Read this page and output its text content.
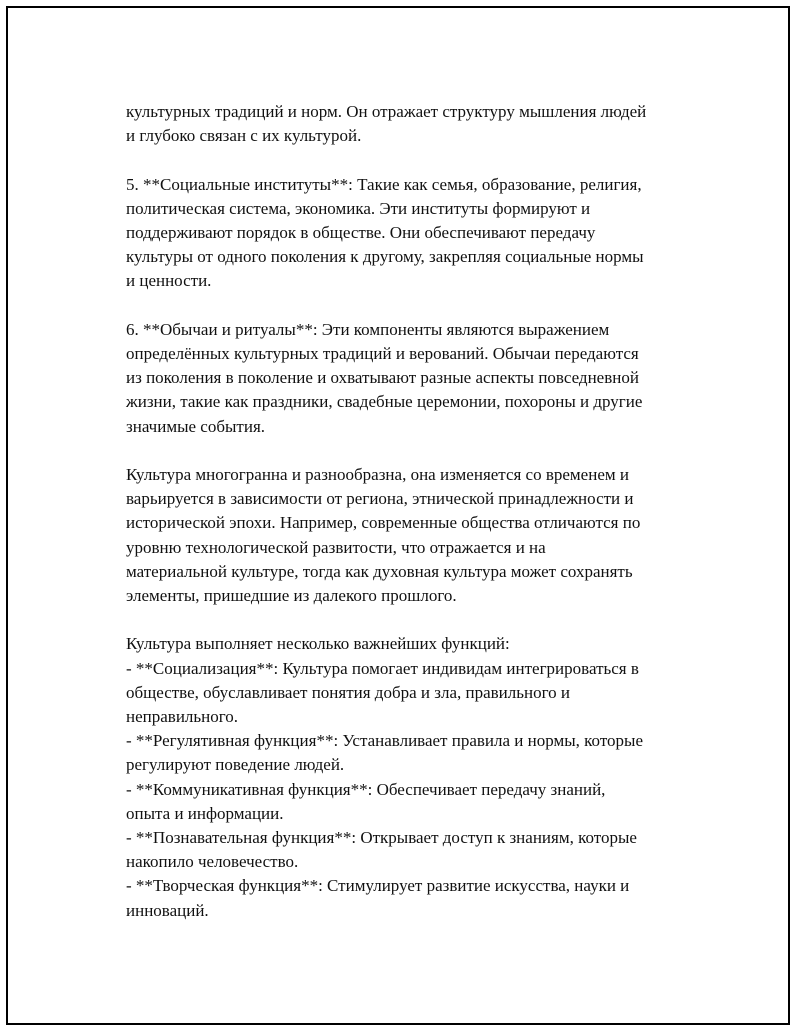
культурных традиций и норм. Он отражает структуру мышления людей
и глубоко связан с их культурой.

5. **Социальные институты**: Такие как семья, образование, религия,
политическая система, экономика. Эти институты формируют и
поддерживают порядок в обществе. Они обеспечивают передачу
культуры от одного поколения к другому, закрепляя социальные нормы
и ценности.

6. **Обычаи и ритуалы**: Эти компоненты являются выражением
определённых культурных традиций и верований. Обычаи передаются
из поколения в поколение и охватывают разные аспекты повседневной
жизни, такие как праздники, свадебные церемонии, похороны и другие
значимые события.

Культура многогранна и разнообразна, она изменяется со временем и
варьируется в зависимости от региона, этнической принадлежности и
исторической эпохи. Например, современные общества отличаются по
уровню технологической развитости, что отражается и на
материальной культуре, тогда как духовная культура может сохранять
элементы, пришедшие из далекого прошлого.

Культура выполняет несколько важнейших функций:
- **Социализация**: Культура помогает индивидам интегрироваться в
обществе, обуславливает понятия добра и зла, правильного и
неправильного.
- **Регулятивная функция**: Устанавливает правила и нормы, которые
регулируют поведение людей.
- **Коммуникативная функция**: Обеспечивает передачу знаний,
опыта и информации.
- **Познавательная функция**: Открывает доступ к знаниям, которые
накопило человечество.
- **Творческая функция**: Стимулирует развитие искусства, науки и
инноваций.
